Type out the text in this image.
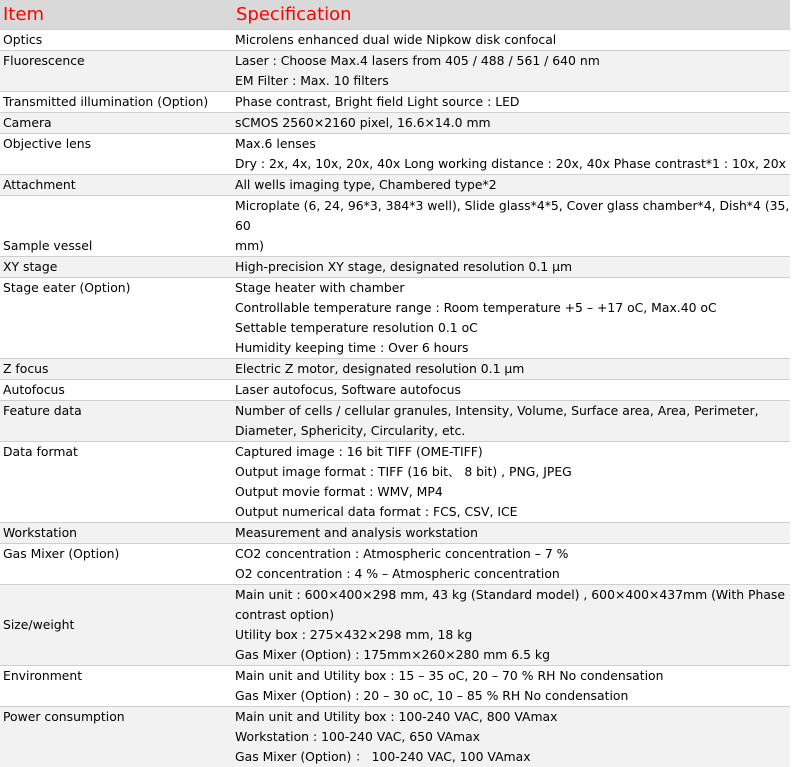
Item	Specification
Optics	Microlens enhanced dual wide Nipkow disk confocal

Fluorescence	Laser : Choose Max.4 lasers from 405 / 488 / 561 / 640 nm
EM Filter : Max. 10 filters

Transmitted illumination (Option)	Phase contrast, Bright field Light source : LED

Camera	sCMOS 2560×2160 pixel, 16.6×14.0 mm

Objective lens	Max.6 lenses
Dry : 2x, 4x, 10x, 20x, 40x Long working distance : 20x, 40x Phase contrast*1 : 10x, 20x

Attachment	All wells imaging type, Chambered type*2

Sample vessel	Microplate (6, 24, 96*3, 384*3 well), Slide glass*4*5, Cover glass chamber*4, Dish*4 (35, 60
mm)

XY stage	High-precision XY stage, designated resolution 0.1 µm

Stage eater (Option)	Stage heater with chamber
Controllable temperature range : Room temperature +5 – +17 oC, Max.40 oC
Settable temperature resolution 0.1 oC
Humidity keeping time : Over 6 hours

Z focus	Electric Z motor, designated resolution 0.1 µm

Autofocus	Laser autofocus, Software autofocus

Feature data	Number of cells / cellular granules, Intensity, Volume, Surface area, Area, Perimeter,
Diameter, Sphericity, Circularity, etc.

Data format	Captured image : 16 bit TIFF (OME-TIFF)
Output image format : TIFF (16 bit、 8 bit) , PNG, JPEG
Output movie format : WMV, MP4
Output numerical data format : FCS, CSV, ICE

Workstation	Measurement and analysis workstation

Gas Mixer (Option)	CO2 concentration : Atmospheric concentration – 7 %
O2 concentration : 4 % – Atmospheric concentration

Size/weight	Main unit : 600×400×298 mm, 43 kg (Standard model) , 600×400×437mm (With Phase
contrast option)
Utility box : 275×432×298 mm, 18 kg
Gas Mixer (Option) : 175mm×260×280 mm 6.5 kg

Environment	Main unit and Utility box : 15 – 35 oC, 20 – 70 % RH No condensation
Gas Mixer (Option) : 20 – 30 oC, 10 – 85 % RH No condensation

Power consumption	Main unit and Utility box : 100-240 VAC, 800 VAmax
Workstation : 100-240 VAC, 650 VAmax
Gas Mixer (Option) ： 100-240 VAC, 100 VAmax
